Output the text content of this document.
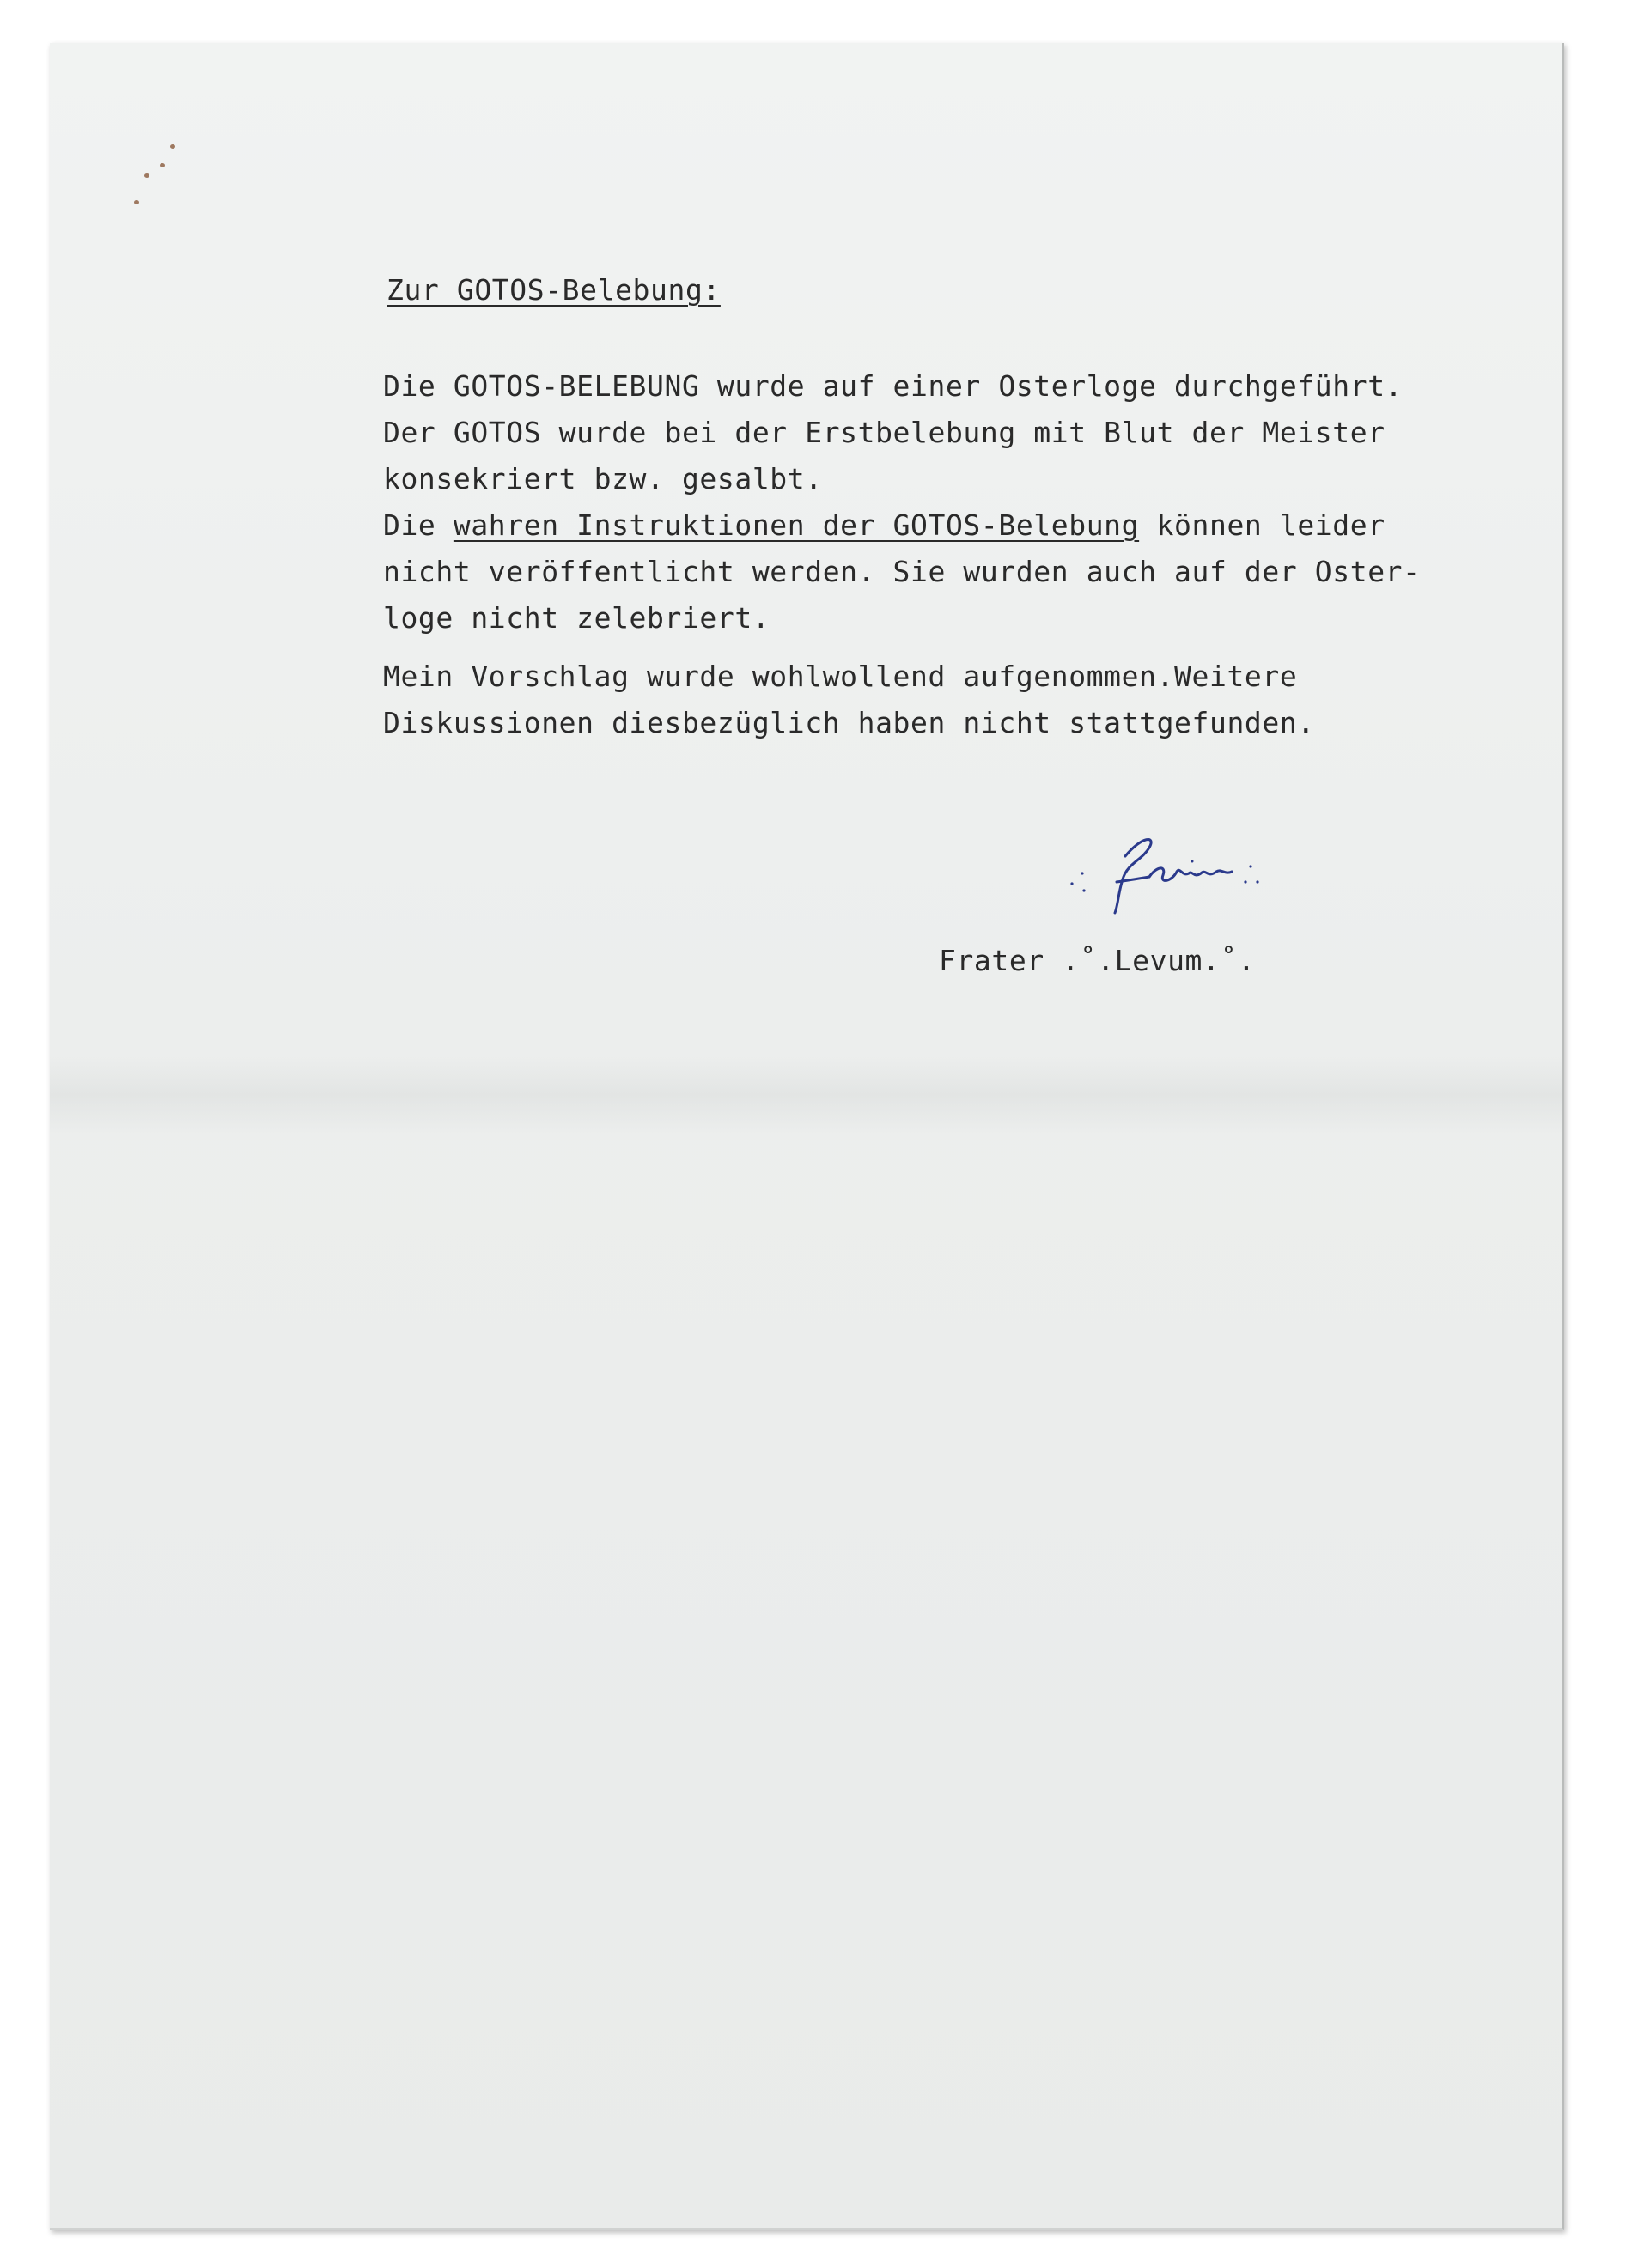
Zur GOTOS-Belebung:
Die GOTOS-BELEBUNG wurde auf einer Osterloge durchgeführt.
Der GOTOS wurde bei der Erstbelebung mit Blut der Meister
konsekriert bzw. gesalbt.
Die wahren Instruktionen der GOTOS-Belebung können leider
nicht veröffentlicht werden. Sie wurden auch auf der Oster-
loge nicht zelebriert.
Mein Vorschlag wurde wohlwollend aufgenommen.Weitere
Diskussionen diesbezüglich haben nicht stattgefunden.
Frater .˚.Levum.˚.
